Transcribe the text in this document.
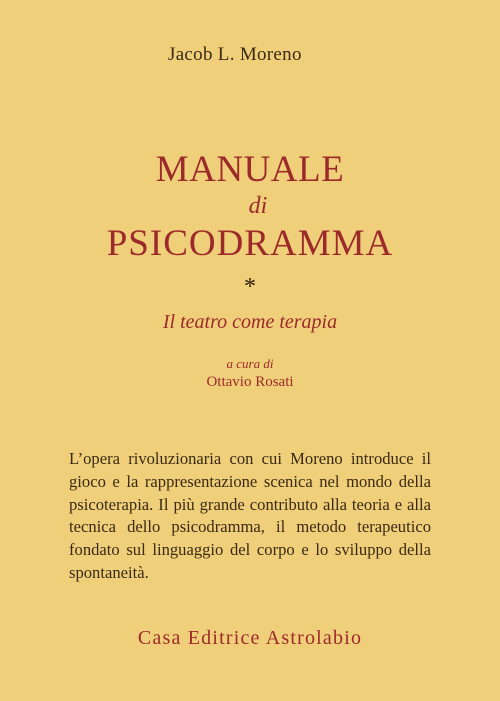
Jacob L. Moreno
MANUALE
di
PSICODRAMMA
*
Il teatro come terapia
a cura di
Ottavio Rosati
L’opera rivoluzionaria con cui Moreno introduce il gioco e la rappresentazione scenica nel mondo della psicoterapia. Il più grande contributo alla teoria e alla tecnica dello psicodramma, il metodo terapeutico fondato sul linguaggio del corpo e lo sviluppo della spontaneità.
Casa Editrice Astrolabio
